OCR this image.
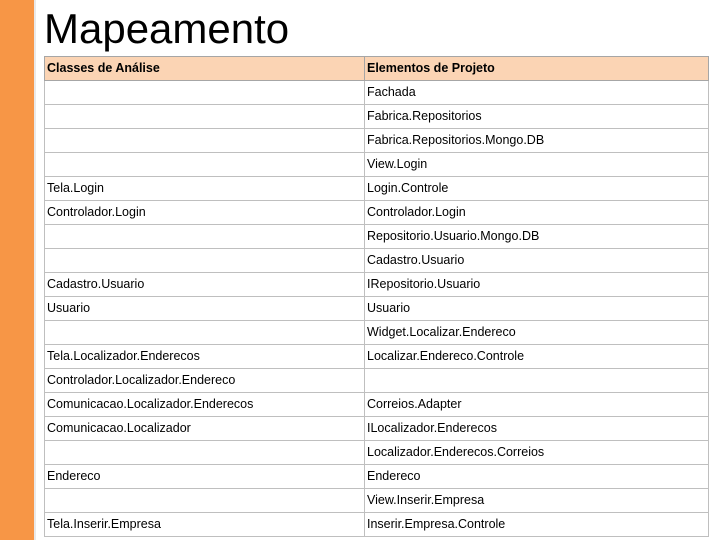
Mapeamento
Classes de Análise	Elementos de Projeto
	Fachada
	Fabrica.Repositorios
	Fabrica.Repositorios.Mongo.DB
	View.Login
Tela.Login	Login.Controle
Controlador.Login	Controlador.Login
	Repositorio.Usuario.Mongo.DB
	Cadastro.Usuario
Cadastro.Usuario	IRepositorio.Usuario
Usuario	Usuario
	Widget.Localizar.Endereco
Tela.Localizador.Enderecos	Localizar.Endereco.Controle
Controlador.Localizador.Endereco	
Comunicacao.Localizador.Enderecos	Correios.Adapter
Comunicacao.Localizador	ILocalizador.Enderecos
	Localizador.Enderecos.Correios
Endereco	Endereco
	View.Inserir.Empresa
Tela.Inserir.Empresa	Inserir.Empresa.Controle
